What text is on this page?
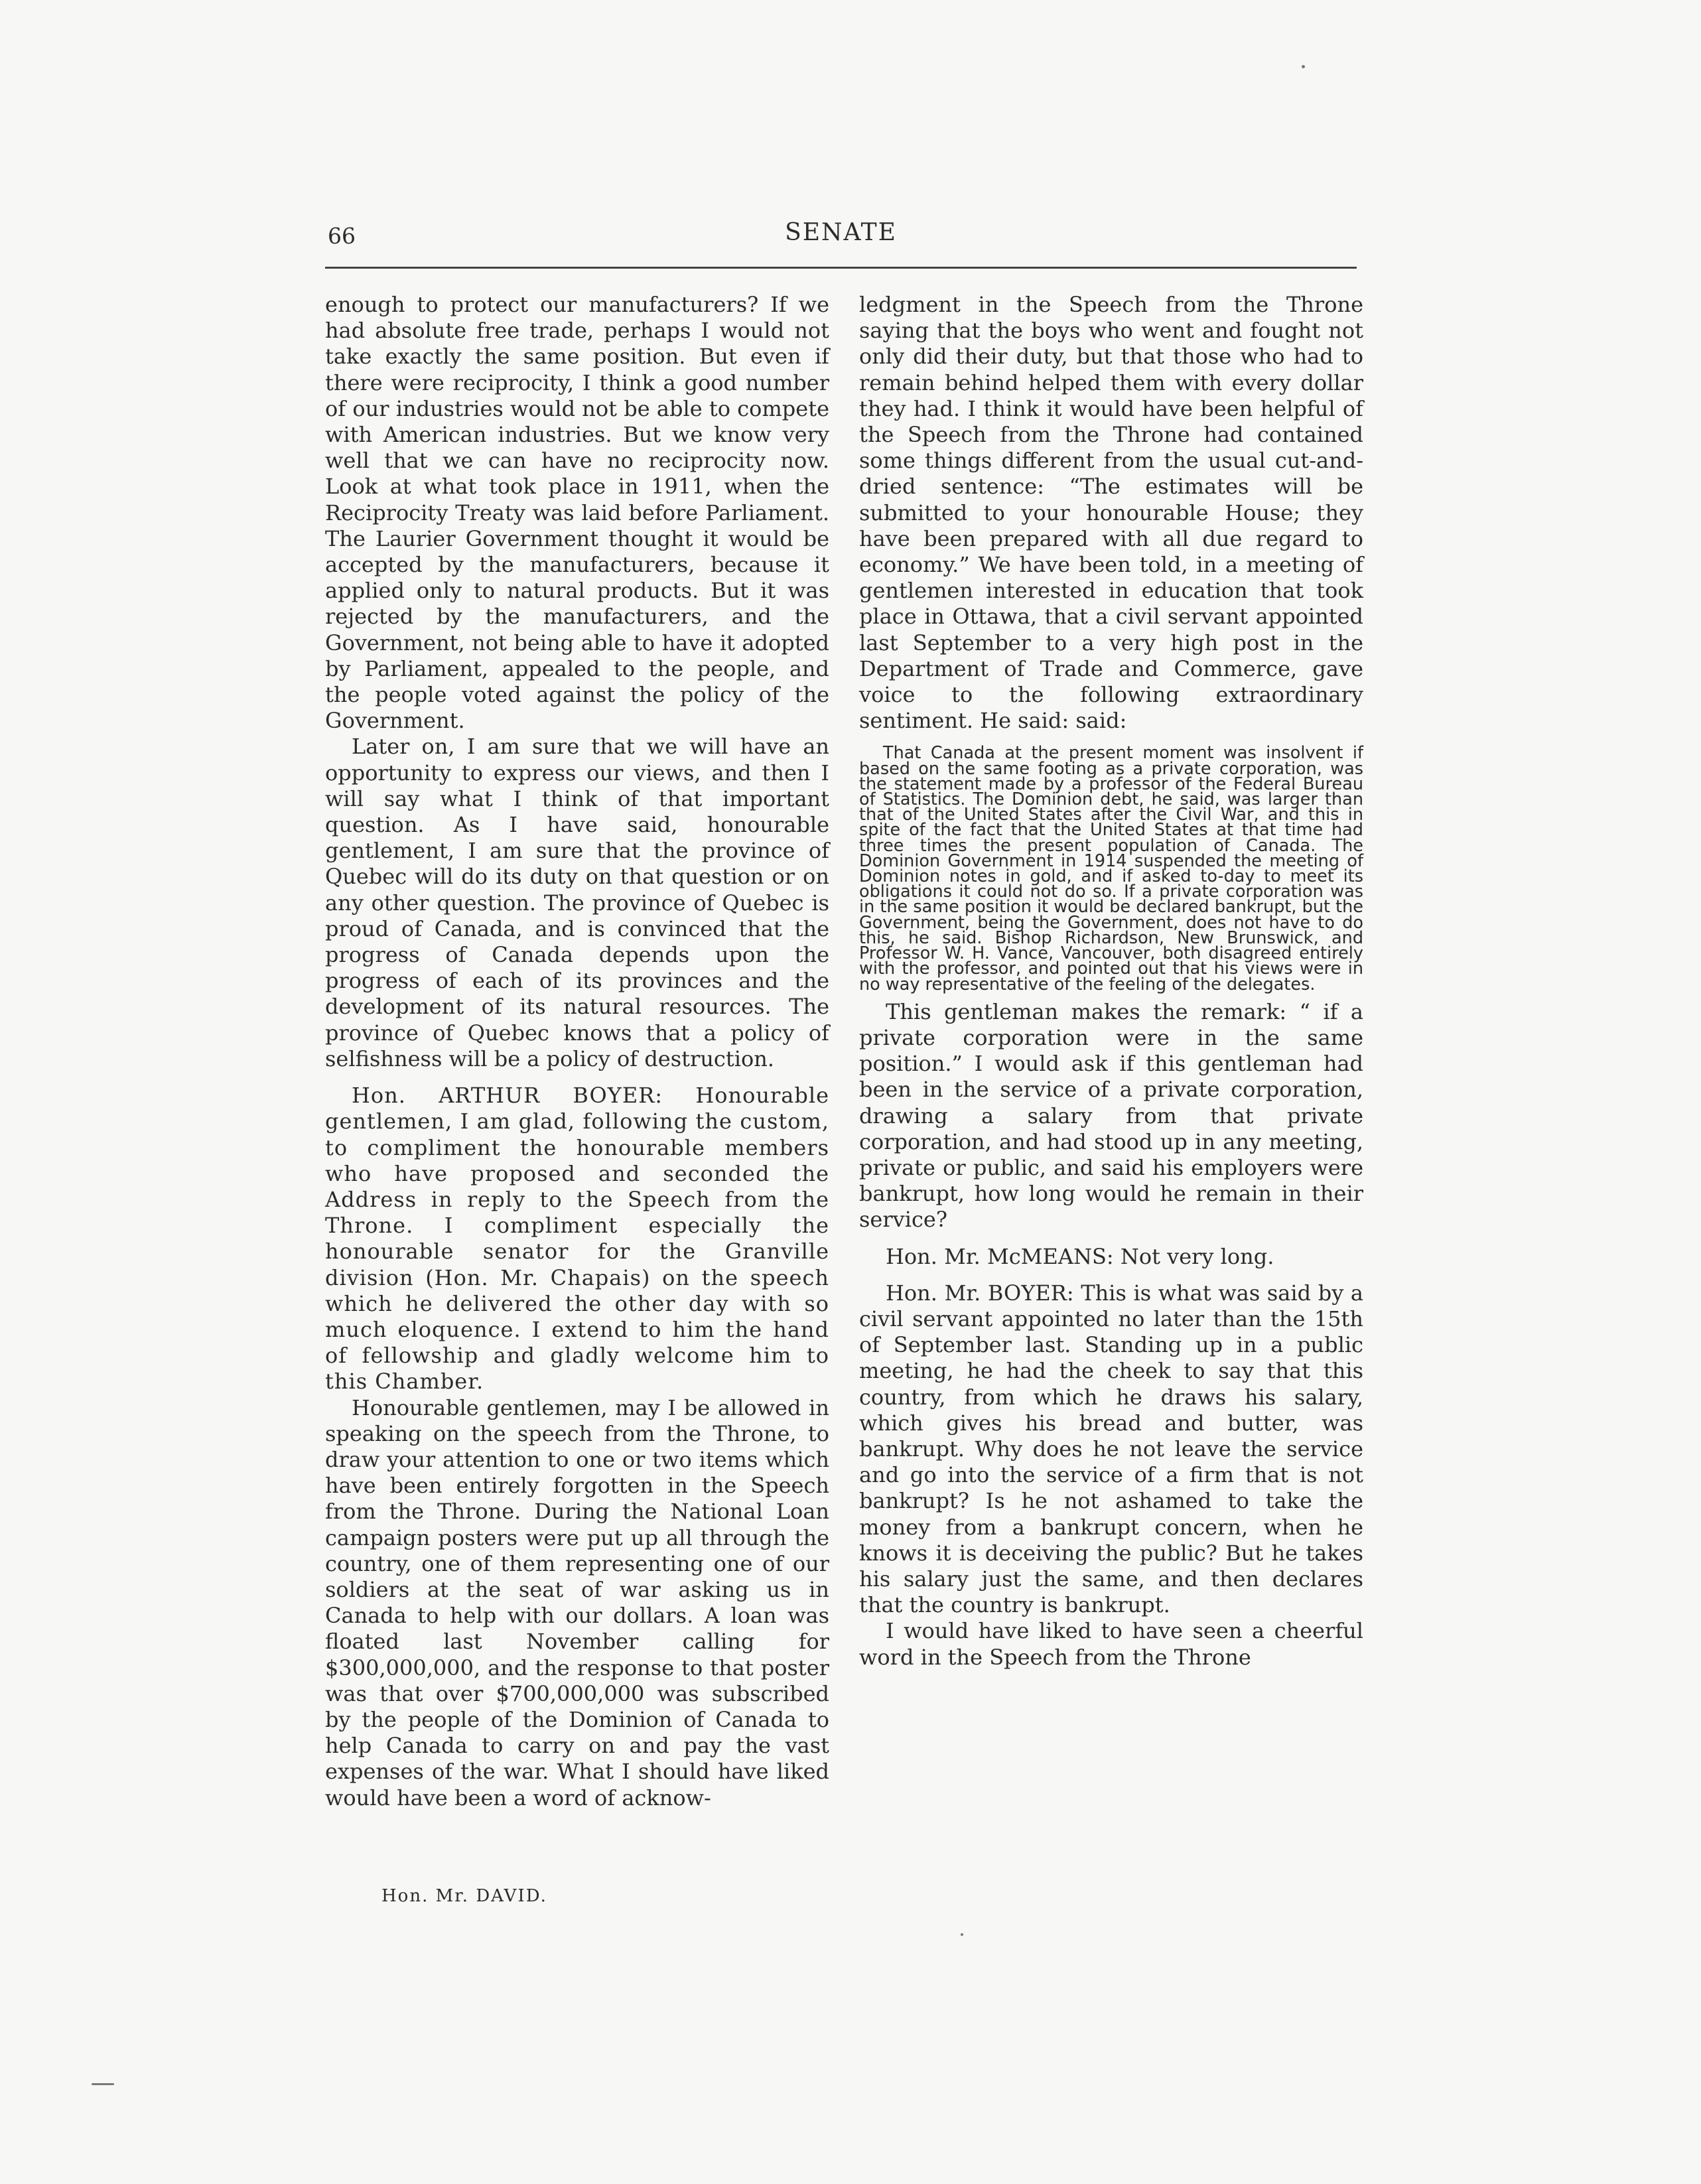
66	SENATE

enough to protect our manufacturers? If we had absolute free trade, perhaps I would not take exactly the same position. But even if there were reciprocity, I think a good number of our industries would not be able to compete with American industries. But we know very well that we can have no reciprocity now. Look at what took place in 1911, when the Reciprocity Treaty was laid before Parliament. The Laurier Government thought it would be accepted by the manufacturers, because it applied only to natural products. But it was rejected by the manufacturers, and the Government, not being able to have it adopted by Parliament, appealed to the people, and the people voted against the policy of the Government.

Later on, I am sure that we will have an opportunity to express our views, and then I will say what I think of that important question. As I have said, honourable gentlement, I am sure that the province of Quebec will do its duty on that question or on any other question. The province of Quebec is proud of Canada, and is convinced that the progress of Canada depends upon the progress of each of its provinces and the development of its natural resources. The province of Quebec knows that a policy of selfishness will be a policy of destruction.

Hon. ARTHUR BOYER: Honourable gentlemen, I am glad, following the custom, to compliment the honourable members who have proposed and seconded the Address in reply to the Speech from the Throne. I compliment especially the honourable senator for the Granville division (Hon. Mr. Chapais) on the speech which he delivered the other day with so much eloquence. I extend to him the hand of fellowship and gladly welcome him to this Chamber.

Honourable gentlemen, may I be allowed in speaking on the speech from the Throne, to draw your attention to one or two items which have been entirely forgotten in the Speech from the Throne. During the National Loan campaign posters were put up all through the country, one of them representing one of our soldiers at the seat of war asking us in Canada to help with our dollars. A loan was floated last November calling for $300,000,000, and the response to that poster was that over $700,000,000 was subscribed by the people of the Dominion of Canada to help Canada to carry on and pay the vast expenses of the war. What I should have liked would have been a word of acknow-

ledgment in the Speech from the Throne saying that the boys who went and fought not only did their duty, but that those who had to remain behind helped them with every dollar they had. I think it would have been helpful of the Speech from the Throne had contained some things different from the usual cut-and-dried sentence: “The estimates will be submitted to your honourable House; they have been prepared with all due regard to economy.” We have been told, in a meeting of gentlemen interested in education that took place in Ottawa, that a civil servant appointed last September to a very high post in the Department of Trade and Commerce, gave voice to the following extraordinary sentiment. He said: said:

That Canada at the present moment was insolvent if based on the same footing as a private corporation, was the statement made by a professor of the Federal Bureau of Statistics. The Dominion debt, he said, was larger than that of the United States after the Civil War, and this in spite of the fact that the United States at that time had three times the present population of Canada. The Dominion Government in 1914 suspended the meeting of Dominion notes in gold, and if asked to-day to meet its obligations it could not do so. If a private corporation was in the same position it would be declared bankrupt, but the Government, being the Government, does not have to do this, he said. Bishop Richardson, New Brunswick, and Professor W. H. Vance, Vancouver, both disagreed entirely with the professor, and pointed out that his views were in no way representative of the feeling of the delegates.

This gentleman makes the remark: “ if a private corporation were in the same position.” I would ask if this gentleman had been in the service of a private corporation, drawing a salary from that private corporation, and had stood up in any meeting, private or public, and said his employers were bankrupt, how long would he remain in their service?

Hon. Mr. McMEANS: Not very long.

Hon. Mr. BOYER: This is what was said by a civil servant appointed no later than the 15th of September last. Standing up in a public meeting, he had the cheek to say that this country, from which he draws his salary, which gives his bread and butter, was bankrupt. Why does he not leave the service and go into the service of a firm that is not bankrupt? Is he not ashamed to take the money from a bankrupt concern, when he knows it is deceiving the public? But he takes his salary just the same, and then declares that the country is bankrupt.

I would have liked to have seen a cheerful word in the Speech from the Throne

Hon. Mr. DAVID.
